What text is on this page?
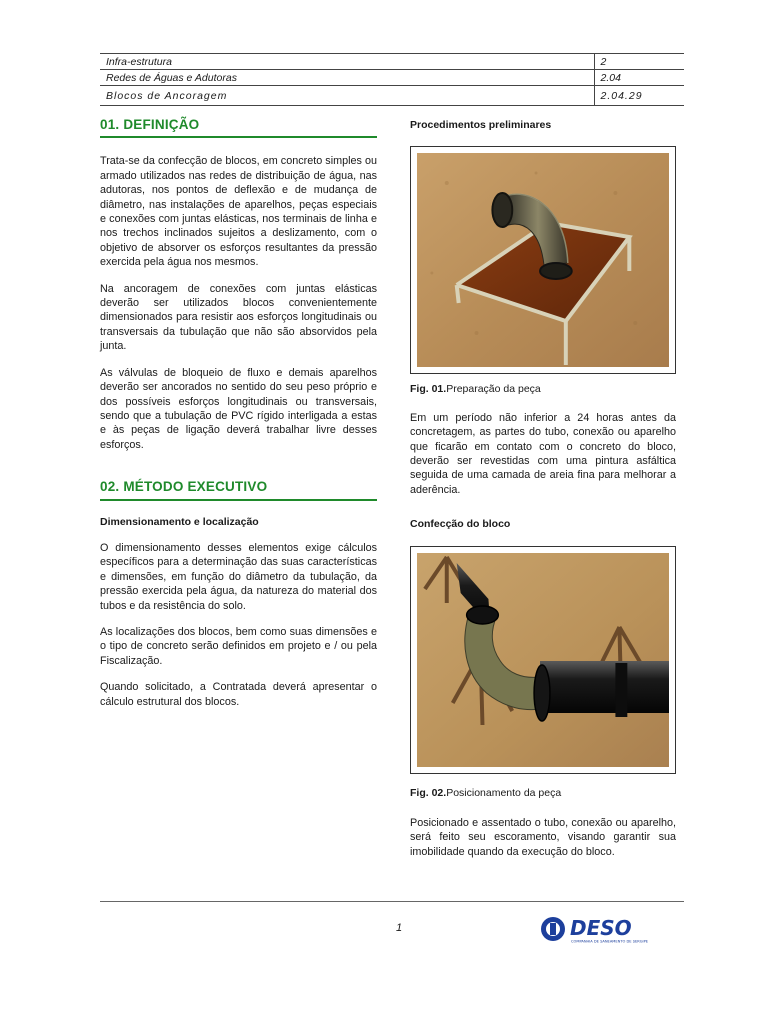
Infra-estrutura	2
Redes de Águas e Adutoras	2.04
Blocos de Ancoragem	2.04.29
01. DEFINIÇÃO

Trata-se da confecção de blocos, em concreto simples ou armado utilizados nas redes de distribuição de água, nas adutoras, nos pontos de deflexão e de mudança de diâmetro, nas instalações de aparelhos, peças especiais e conexões com juntas elásticas, nos terminais de linha e nos trechos inclinados sujeitos a deslizamento, com o objetivo de absorver os esforços resultantes da pressão exercida pela água nos mesmos.

Na ancoragem de conexões com juntas elásticas deverão ser utilizados blocos convenientemente dimensionados para resistir aos esforços longitudinais ou transversais da tubulação que não são absorvidos pela junta.

As válvulas de bloqueio de fluxo e demais aparelhos deverão ser ancorados no sentido do seu peso próprio e dos possíveis esforços longitudinais ou transversais, sendo que a tubulação de PVC rígido interligada a estas e às peças de ligação deverá trabalhar livre desses esforços.

02. MÉTODO EXECUTIVO

Dimensionamento e localização

O dimensionamento desses elementos exige cálculos específicos para a determinação das suas características e dimensões, em função do diâmetro da tubulação, da pressão exercida pela água, da natureza do material dos tubos e da resistência do solo.

As localizações dos blocos, bem como suas dimensões e o tipo de concreto serão definidos em projeto e / ou pela Fiscalização.

Quando solicitado, a Contratada deverá apresentar o cálculo estrutural dos blocos.

Procedimentos preliminares

Fig. 01.Preparação da peça

Em um período não inferior a 24 horas antes da concretagem, as partes do tubo, conexão ou aparelho que ficarão em contato com o concreto do bloco, deverão ser revestidas com uma pintura asfáltica seguida de uma camada de areia fina para melhorar a aderência.

Confecção do bloco

Fig. 02.Posicionamento da peça

Posicionado e assentado o tubo, conexão ou aparelho, será feito seu escoramento, visando garantir sua imobilidade quando da execução do bloco.

1	DESO
COMPANHIA DE SANEAMENTO DE SERGIPE
